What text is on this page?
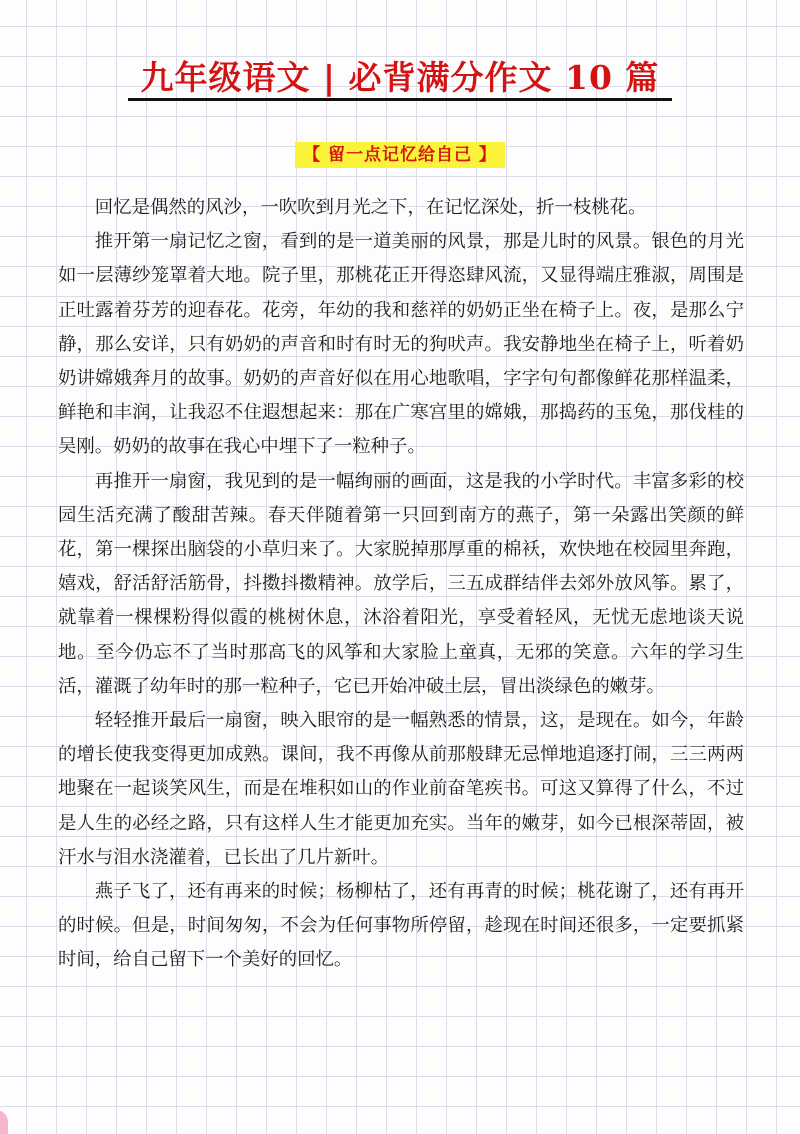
九年级语文 | 必背满分作文 10 篇
【 留一点记忆给自己 】

回忆是偶然的风沙，一吹吹到月光之下，在记忆深处，折一枝桃花。

推开第一扇记忆之窗，看到的是一道美丽的风景，那是儿时的风景。银色的月光如一层薄纱笼罩着大地。院子里，那桃花正开得恣肆风流，又显得端庄雅淑，周围是正吐露着芬芳的迎春花。花旁，年幼的我和慈祥的奶奶正坐在椅子上。夜，是那么宁静，那么安详，只有奶奶的声音和时有时无的狗吠声。我安静地坐在椅子上，听着奶奶讲嫦娥奔月的故事。奶奶的声音好似在用心地歌唱，字字句句都像鲜花那样温柔，鲜艳和丰润，让我忍不住遐想起来：那在广寒宫里的嫦娥，那捣药的玉兔，那伐桂的吴刚。奶奶的故事在我心中埋下了一粒种子。

再推开一扇窗，我见到的是一幅绚丽的画面，这是我的小学时代。丰富多彩的校园生活充满了酸甜苦辣。春天伴随着第一只回到南方的燕子，第一朵露出笑颜的鲜花，第一棵探出脑袋的小草归来了。大家脱掉那厚重的棉袄，欢快地在校园里奔跑，嬉戏，舒活舒活筋骨，抖擞抖擞精神。放学后，三五成群结伴去郊外放风筝。累了，就靠着一棵棵粉得似霞的桃树休息，沐浴着阳光，享受着轻风，无忧无虑地谈天说地。至今仍忘不了当时那高飞的风筝和大家脸上童真，无邪的笑意。六年的学习生活，灌溉了幼年时的那一粒种子，它已开始冲破土层，冒出淡绿色的嫩芽。

轻轻推开最后一扇窗，映入眼帘的是一幅熟悉的情景，这，是现在。如今，年龄的增长使我变得更加成熟。课间，我不再像从前那般肆无忌惮地追逐打闹，三三两两地聚在一起谈笑风生，而是在堆积如山的作业前奋笔疾书。可这又算得了什么，不过是人生的必经之路，只有这样人生才能更加充实。当年的嫩芽，如今已根深蒂固，被汗水与泪水浇灌着，已长出了几片新叶。

燕子飞了，还有再来的时候；杨柳枯了，还有再青的时候；桃花谢了，还有再开的时候。但是，时间匆匆，不会为任何事物所停留，趁现在时间还很多，一定要抓紧时间，给自己留下一个美好的回忆。
